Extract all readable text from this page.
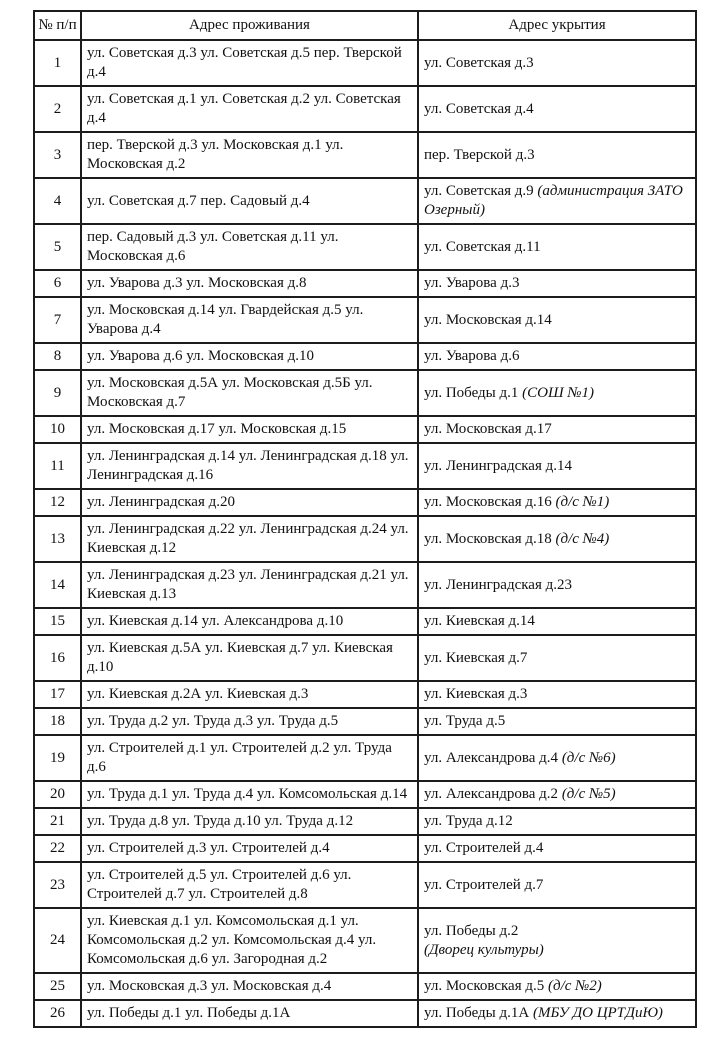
№ п/п	Адрес проживания	Адрес укрытия
1	ул. Советская д.3 ул. Советская д.5 пер. Тверской д.4	ул. Советская д.3
2	ул. Советская д.1 ул. Советская д.2 ул. Советская д.4	ул. Советская д.4
3	пер. Тверской д.3 ул. Московская д.1 ул. Московская д.2	пер. Тверской д.3
4	ул. Советская д.7 пер. Садовый д.4	ул. Советская д.9 (администрация ЗАТО Озерный)
5	пер. Садовый д.3 ул. Советская д.11 ул. Московская д.6	ул. Советская д.11
6	ул. Уварова д.3 ул. Московская д.8	ул. Уварова д.3
7	ул. Московская д.14 ул. Гвардейская д.5 ул. Уварова д.4	ул. Московская д.14
8	ул. Уварова д.6 ул. Московская д.10	ул. Уварова д.6
9	ул. Московская д.5А ул. Московская д.5Б ул. Московская д.7	ул. Победы д.1 (СОШ №1)
10	ул. Московская д.17 ул. Московская д.15	ул. Московская д.17
11	ул. Ленинградская д.14 ул. Ленинградская д.18 ул. Ленинградская д.16	ул. Ленинградская д.14
12	ул. Ленинградская д.20	ул. Московская д.16 (д/с №1)
13	ул. Ленинградская д.22 ул. Ленинградская д.24 ул. Киевская д.12	ул. Московская д.18 (д/с №4)
14	ул. Ленинградская д.23 ул. Ленинградская д.21 ул. Киевская д.13	ул. Ленинградская д.23
15	ул. Киевская д.14 ул. Александрова д.10	ул. Киевская д.14
16	ул. Киевская д.5А ул. Киевская д.7 ул. Киевская д.10	ул. Киевская д.7
17	ул. Киевская д.2А ул. Киевская д.3	ул. Киевская д.3
18	ул. Труда д.2 ул. Труда д.3 ул. Труда д.5	ул. Труда д.5
19	ул. Строителей д.1 ул. Строителей д.2 ул. Труда д.6	ул. Александрова д.4 (д/с №6)
20	ул. Труда д.1 ул. Труда д.4 ул. Комсомольская д.14	ул. Александрова д.2 (д/с №5)
21	ул. Труда д.8 ул. Труда д.10 ул. Труда д.12	ул. Труда д.12
22	ул. Строителей д.3 ул. Строителей д.4	ул. Строителей д.4
23	ул. Строителей д.5 ул. Строителей д.6 ул. Строителей д.7 ул. Строителей д.8	ул. Строителей д.7
24	ул. Киевская д.1 ул. Комсомольская д.1 ул. Комсомольская д.2 ул. Комсомольская д.4 ул. Комсомольская д.6 ул. Загородная д.2	ул. Победы д.2
(Дворец культуры)
25	ул. Московская д.3 ул. Московская д.4	ул. Московская д.5 (д/с №2)
26	ул. Победы д.1 ул. Победы д.1А	ул. Победы д.1А (МБУ ДО ЦРТДиЮ)
